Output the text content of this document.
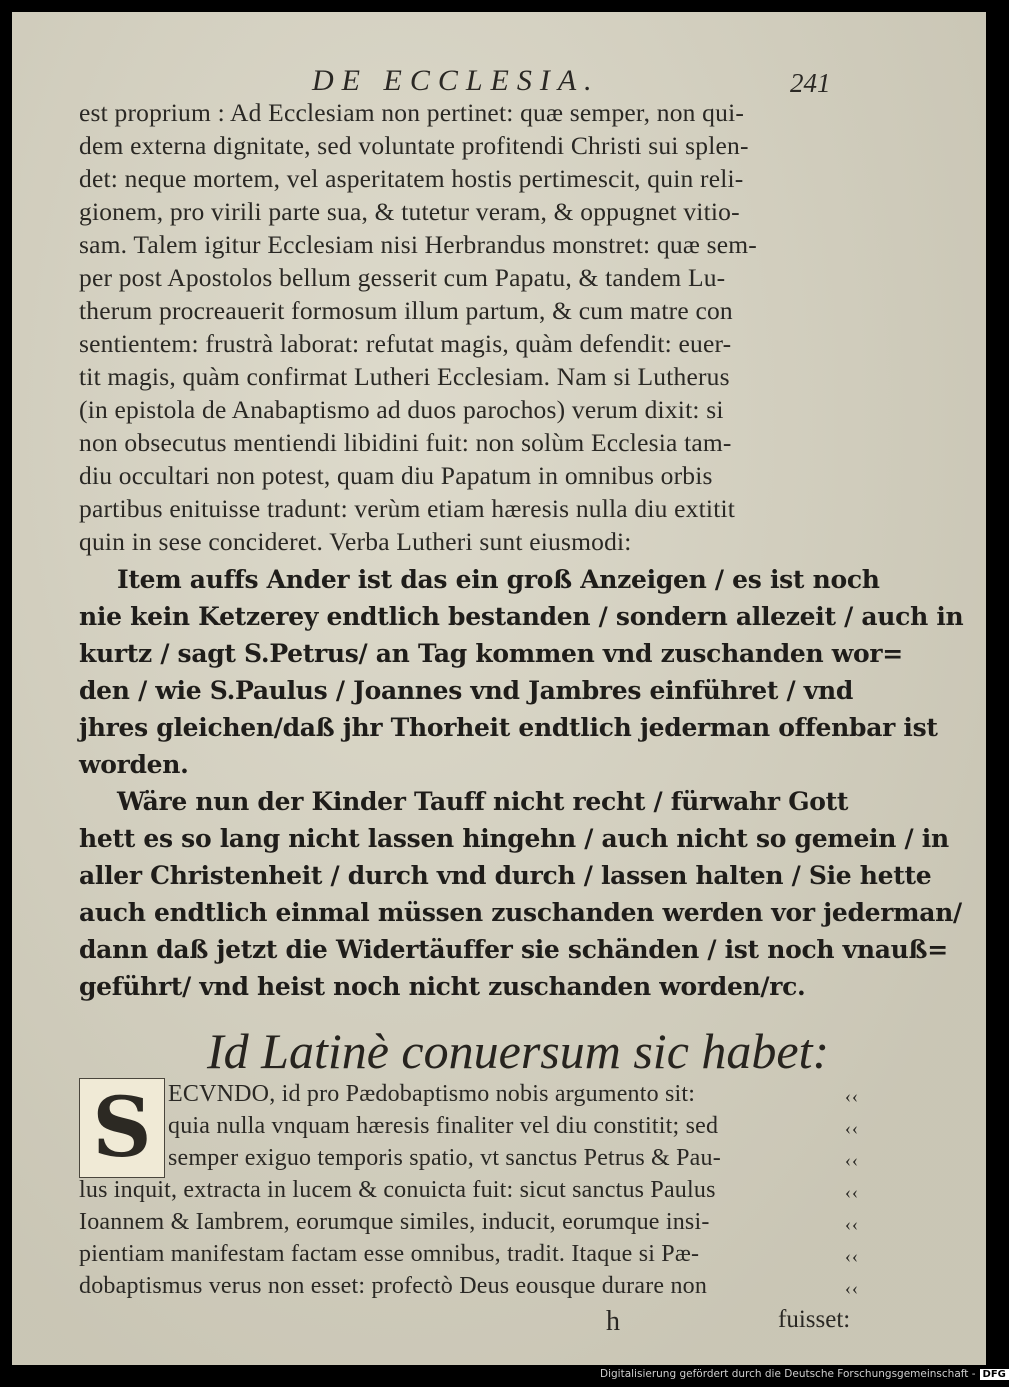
DE ECCLESIA.	241
est proprium : Ad Ecclesiam non pertinet: quæ semper, non qui-
dem externa dignitate, sed voluntate profitendi Christi sui splen-
det: neque mortem, vel asperitatem hostis pertimescit, quin reli-
gionem, pro virili parte sua, & tutetur veram, & oppugnet vitio-
sam. Talem igitur Ecclesiam nisi Herbrandus monstret: quæ sem-
per post Apostolos bellum gesserit cum Papatu, & tandem Lu-
therum procreauerit formosum illum partum, & cum matre con
sentientem: frustrà laborat: refutat magis, quàm defendit: euer-
tit magis, quàm confirmat Lutheri Ecclesiam. Nam si Lutherus
(in epistola de Anabaptismo ad duos parochos) verum dixit: si
non obsecutus mentiendi libidini fuit: non solùm Ecclesia tam-
diu occultari non potest, quam diu Papatum in omnibus orbis
partibus enituisse tradunt: verùm etiam hæresis nulla diu extitit
quin in sese concideret. Verba Lutheri sunt eiusmodi:
Item auffs Ander ist das ein groß Anzeigen / es ist noch
nie kein Ketzerey endtlich bestanden / sondern allezeit / auch in
kurtz / sagt S.Petrus/ an Tag kommen vnd zuschanden wor=
den / wie S.Paulus / Joannes vnd Jambres einführet / vnd
jhres gleichen/daß jhr Thorheit endtlich jederman offenbar ist
worden.
Wäre nun der Kinder Tauff nicht recht / fürwahr Gott
hett es so lang nicht lassen hingehn / auch nicht so gemein / in
aller Christenheit / durch vnd durch / lassen halten / Sie hette
auch endtlich einmal müssen zuschanden werden vor jederman/
dann daß jetzt die Widertäuffer sie schänden / ist noch vnauß=
geführt/ vnd heist noch nicht zuschanden worden/rc.
Id Latinè conuersum sic habet:
S ECVNDO, id pro Pædobaptismo nobis argumento sit:
quia nulla vnquam hæresis finaliter vel diu constitit; sed
semper exiguo temporis spatio, vt sanctus Petrus & Pau-
lus inquit, extracta in lucem & conuicta fuit: sicut sanctus Paulus
Ioannem & Iambrem, eorumque similes, inducit, eorumque insi-
pientiam manifestam factam esse omnibus, tradit. Itaque si Pæ-
dobaptismus verus non esset: profectò Deus eousque durare non
‹‹
‹‹
‹‹
‹‹
‹‹
‹‹
‹‹
h	fuisset:
Digitalisierung gefördert durch die Deutsche Forschungsgemeinschaft - DFG
